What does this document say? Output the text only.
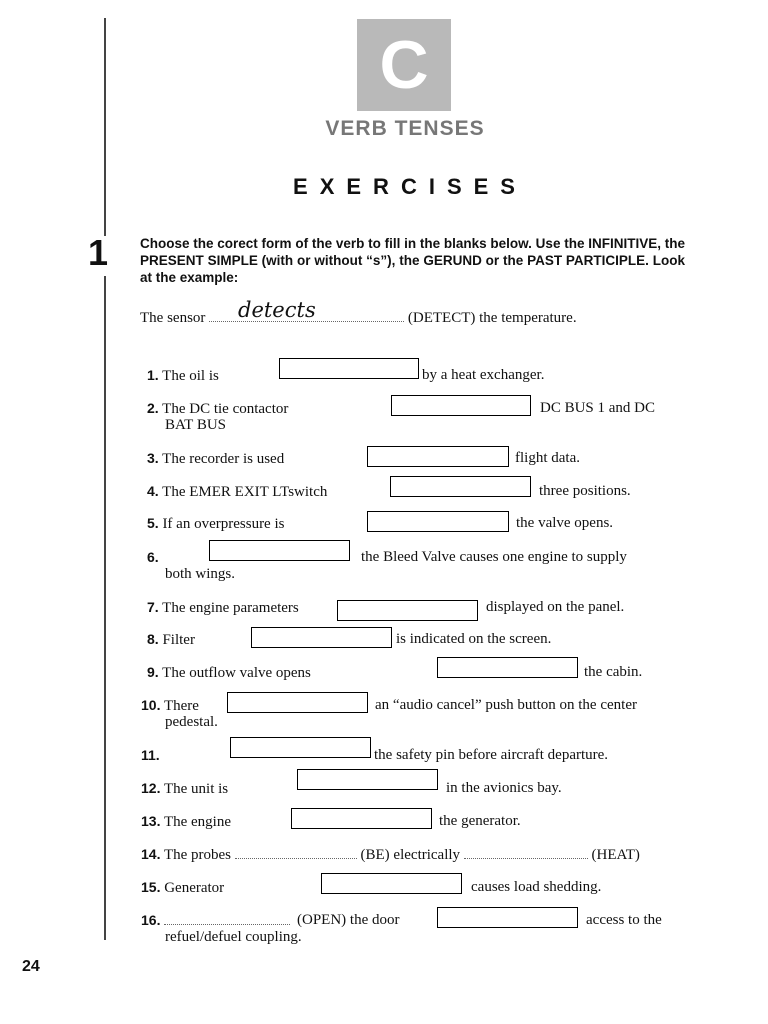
C
VERB TENSES
EXERCISES
1 Choose the corect form of the verb to fill in the blanks below. Use the INFINITIVE, the PRESENT SIMPLE (with or without “s”), the GERUND or the PAST PARTICIPLE. Look at the example:
The sensor	(DETECT) the temperature.
detects
1. The oil is	by a heat exchanger.
2. The DC tie contactor	DC BUS 1 and DC
BAT BUS
3. The recorder is used	flight data.
4. The EMER EXIT LTswitch	three positions.
5. If an overpressure is	the valve opens.
6.	the Bleed Valve causes one engine to supply
both wings.
7. The engine parameters	displayed on the panel.
8. Filter	is indicated on the screen.
9. The outflow valve opens	the cabin.
10. There	an “audio cancel” push button on the center
pedestal.
11.	the safety pin before aircraft departure.
12. The unit is	in the avionics bay.
13. The engine	the generator.
14. The probes	(BE) electrically	(HEAT)
15. Generator	causes load shedding.
16.	(OPEN) the door	access to the
refuel/defuel coupling.
24
